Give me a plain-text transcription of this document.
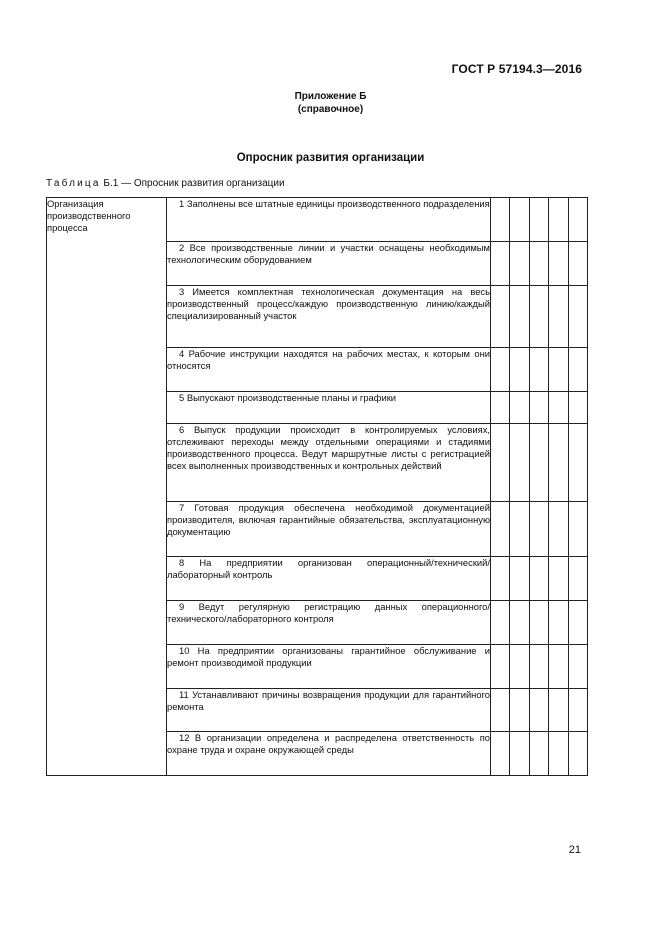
ГОСТ Р 57194.3—2016
Приложение Б
(справочное)
Опросник развития организации
Таблица Б.1 — Опросник развития организации
Организация производственного процесса	1 Заполнены все штатные единицы производственного подразделения					

	2 Все производственные линии и участки оснащены необходимым технологическим оборудованием					

	3 Имеется комплектная технологическая документация на весь производственный процесс/каждую производственную линию/каждый специализированный участок					

	4 Рабочие инструкции находятся на рабочих местах, к которым они относятся					

	5 Выпускают производственные планы и графики					

	6 Выпуск продукции происходит в контролируемых условиях, отслеживают переходы между отдельными операциями и стадиями производственного процесса. Ведут маршрутные листы с регистрацией всех выполненных производственных и контрольных действий					

	7 Готовая продукция обеспечена необходимой документацией производителя, включая гарантийные обязательства, эксплуатационную документацию					

	8 На предприятии организован операционный/технический/лабораторный контроль					

	9 Ведут регулярную регистрацию данных операционного/технического/лабораторного контроля					

	10 На предприятии организованы гарантийное обслуживание и ремонт производимой продукции					

	11 Устанавливают причины возвращения продукции для гарантийного ремонта					

	12 В организации определена и распределена ответственность по охране труда и охране окружающей среды					

21
